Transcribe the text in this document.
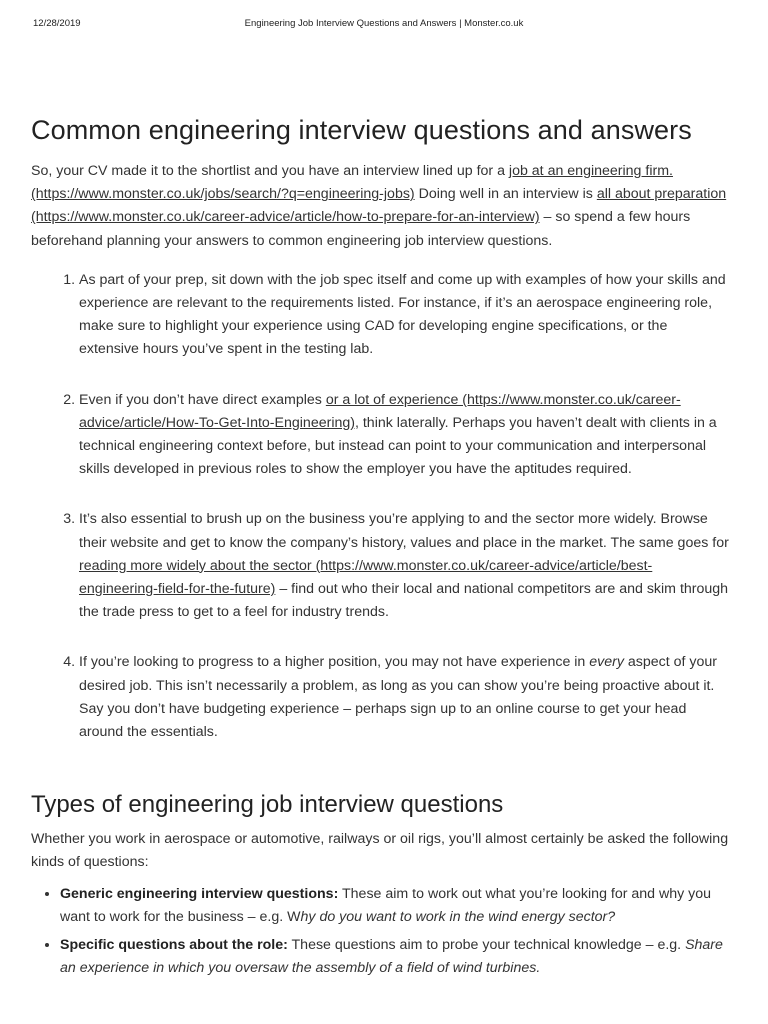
12/28/2019	Engineering Job Interview Questions and Answers | Monster.co.uk
Common engineering interview questions and answers

So, your CV made it to the shortlist and you have an interview lined up for a job at an engineering firm. (https://www.monster.co.uk/jobs/search/?q=engineering-jobs) Doing well in an interview is all about preparation (https://www.monster.co.uk/career-advice/article/how-to-prepare-for-an-interview) – so spend a few hours beforehand planning your answers to common engineering job interview questions.

1. As part of your prep, sit down with the job spec itself and come up with examples of how your skills and experience are relevant to the requirements listed. For instance, if it’s an aerospace engineering role, make sure to highlight your experience using CAD for developing engine specifications, or the extensive hours you’ve spent in the testing lab.
2. Even if you don’t have direct examples or a lot of experience (https://www.monster.co.uk/career-advice/article/How-To-Get-Into-Engineering), think laterally. Perhaps you haven’t dealt with clients in a technical engineering context before, but instead can point to your communication and interpersonal skills developed in previous roles to show the employer you have the aptitudes required.
3. It’s also essential to brush up on the business you’re applying to and the sector more widely. Browse their website and get to know the company’s history, values and place in the market. The same goes for reading more widely about the sector (https://www.monster.co.uk/career-advice/article/best-engineering-field-for-the-future) – find out who their local and national competitors are and skim through the trade press to get to a feel for industry trends.
4. If you’re looking to progress to a higher position, you may not have experience in every aspect of your desired job. This isn’t necessarily a problem, as long as you can show you’re being proactive about it. Say you don’t have budgeting experience – perhaps sign up to an online course to get your head around the essentials.
Types of engineering job interview questions

Whether you work in aerospace or automotive, railways or oil rigs, you’ll almost certainly be asked the following kinds of questions:

• Generic engineering interview questions: These aim to work out what you’re looking for and why you want to work for the business – e.g. Why do you want to work in the wind energy sector?
• Specific questions about the role: These questions aim to probe your technical knowledge – e.g. Share an experience in which you oversaw the assembly of a field of wind turbines.
